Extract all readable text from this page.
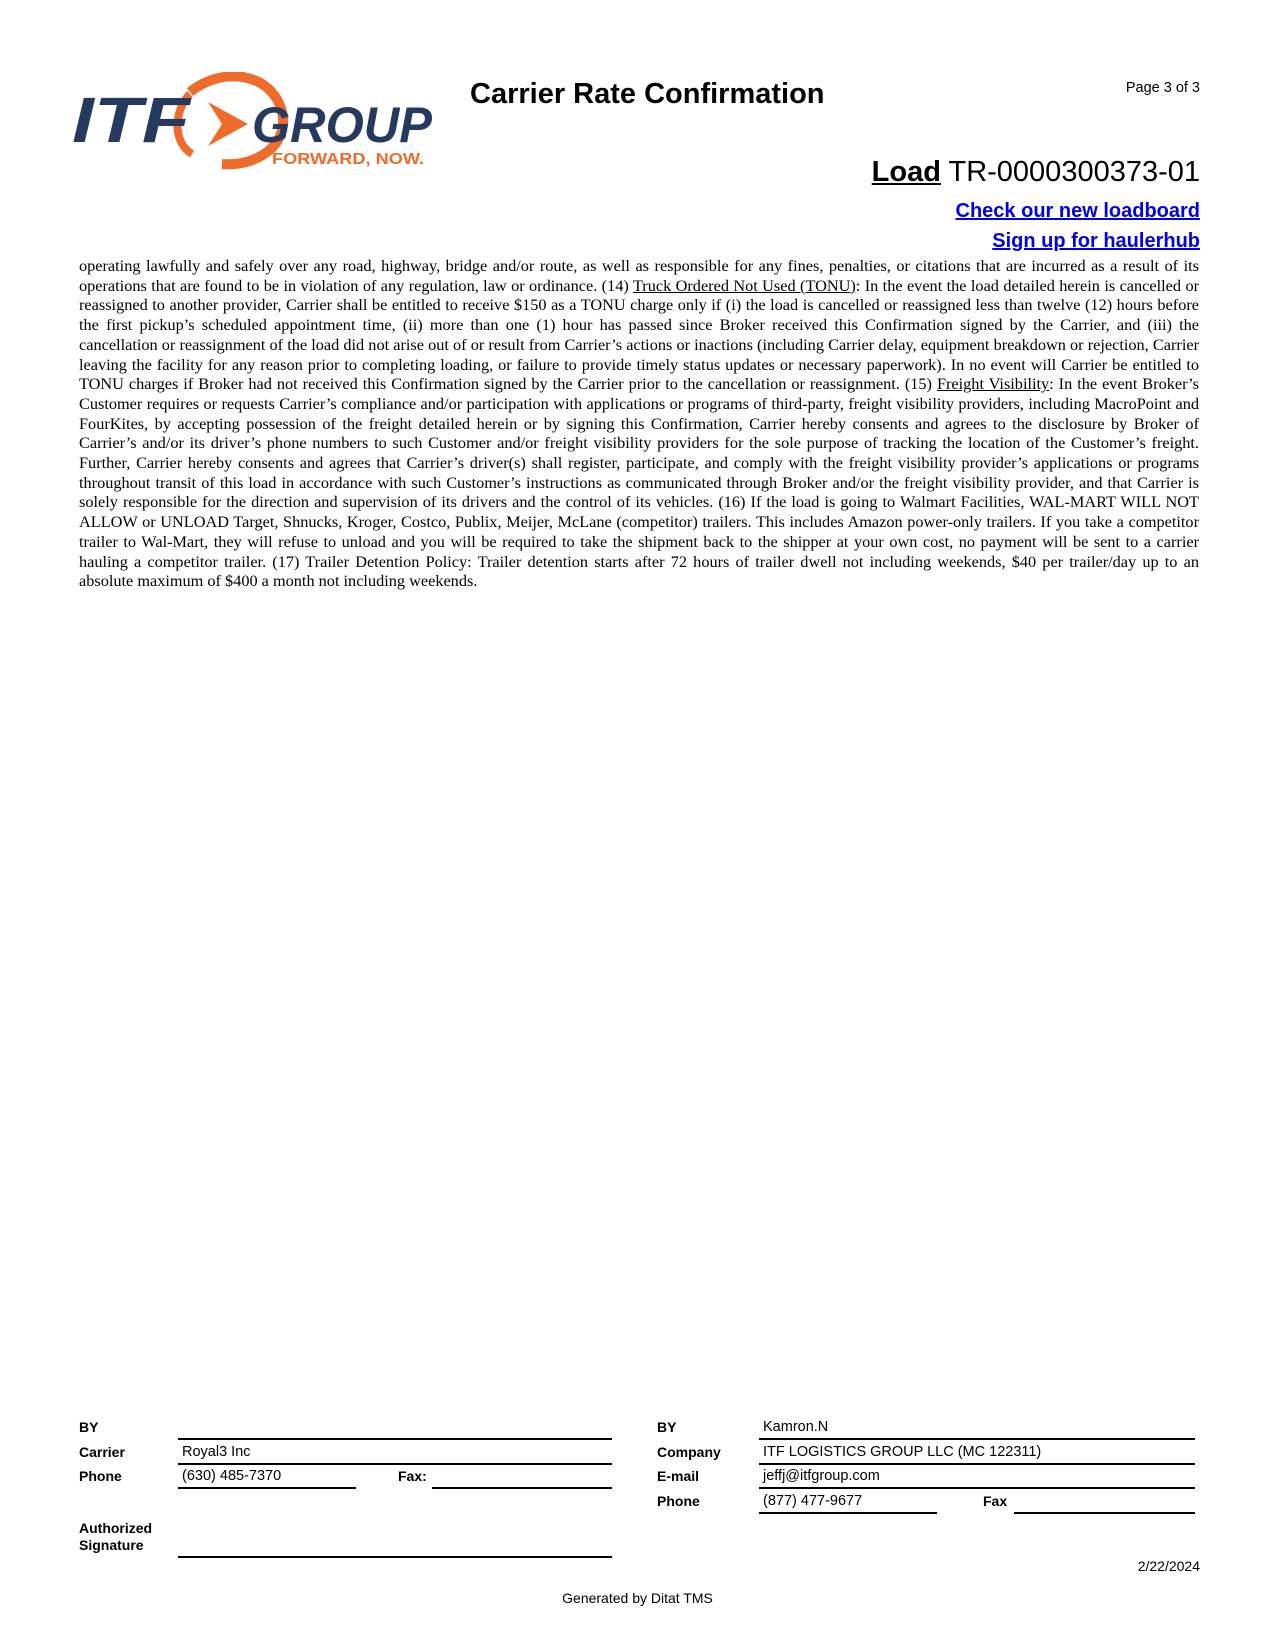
ITF GROUP
FORWARD, NOW.
Carrier Rate Confirmation	Page 3 of 3
Load TR-0000300373-01
Check our new loadboard
Sign up for haulerhub
operating lawfully and safely over any road, highway, bridge and/or route, as well as responsible for any fines, penalties, or citations that are incurred as a result of its operations that are found to be in violation of any regulation, law or ordinance. (14) Truck Ordered Not Used (TONU): In the event the load detailed herein is cancelled or reassigned to another provider, Carrier shall be entitled to receive $150 as a TONU charge only if (i) the load is cancelled or reassigned less than twelve (12) hours before the first pickup’s scheduled appointment time, (ii) more than one (1) hour has passed since Broker received this Confirmation signed by the Carrier, and (iii) the cancellation or reassignment of the load did not arise out of or result from Carrier’s actions or inactions (including Carrier delay, equipment breakdown or rejection, Carrier leaving the facility for any reason prior to completing loading, or failure to provide timely status updates or necessary paperwork). In no event will Carrier be entitled to TONU charges if Broker had not received this Confirmation signed by the Carrier prior to the cancellation or reassignment. (15) Freight Visibility: In the event Broker’s Customer requires or requests Carrier’s compliance and/or participation with applications or programs of third-party, freight visibility providers, including MacroPoint and FourKites, by accepting possession of the freight detailed herein or by signing this Confirmation, Carrier hereby consents and agrees to the disclosure by Broker of Carrier’s and/or its driver’s phone numbers to such Customer and/or freight visibility providers for the sole purpose of tracking the location of the Customer’s freight. Further, Carrier hereby consents and agrees that Carrier’s driver(s) shall register, participate, and comply with the freight visibility provider’s applications or programs throughout transit of this load in accordance with such Customer’s instructions as communicated through Broker and/or the freight visibility provider, and that Carrier is solely responsible for the direction and supervision of its drivers and the control of its vehicles. (16) If the load is going to Walmart Facilities, WAL-MART WILL NOT ALLOW or UNLOAD Target, Shnucks, Kroger, Costco, Publix, Meijer, McLane (competitor) trailers. This includes Amazon power-only trailers. If you take a competitor trailer to Wal-Mart, they will refuse to unload and you will be required to take the shipment back to the shipper at your own cost, no payment will be sent to a carrier hauling a competitor trailer. (17) Trailer Detention Policy: Trailer detention starts after 72 hours of trailer dwell not including weekends, $40 per trailer/day up to an absolute maximum of $400 a month not including weekends.
BY
Carrier	Royal3 Inc
Phone	(630) 485-7370	Fax:
Authorized
Signature
BY	Kamron.N
Company	ITF LOGISTICS GROUP LLC (MC 122311)
E-mail	jeffj@itfgroup.com
Phone	(877) 477-9677	Fax
2/22/2024
Generated by Ditat TMS
